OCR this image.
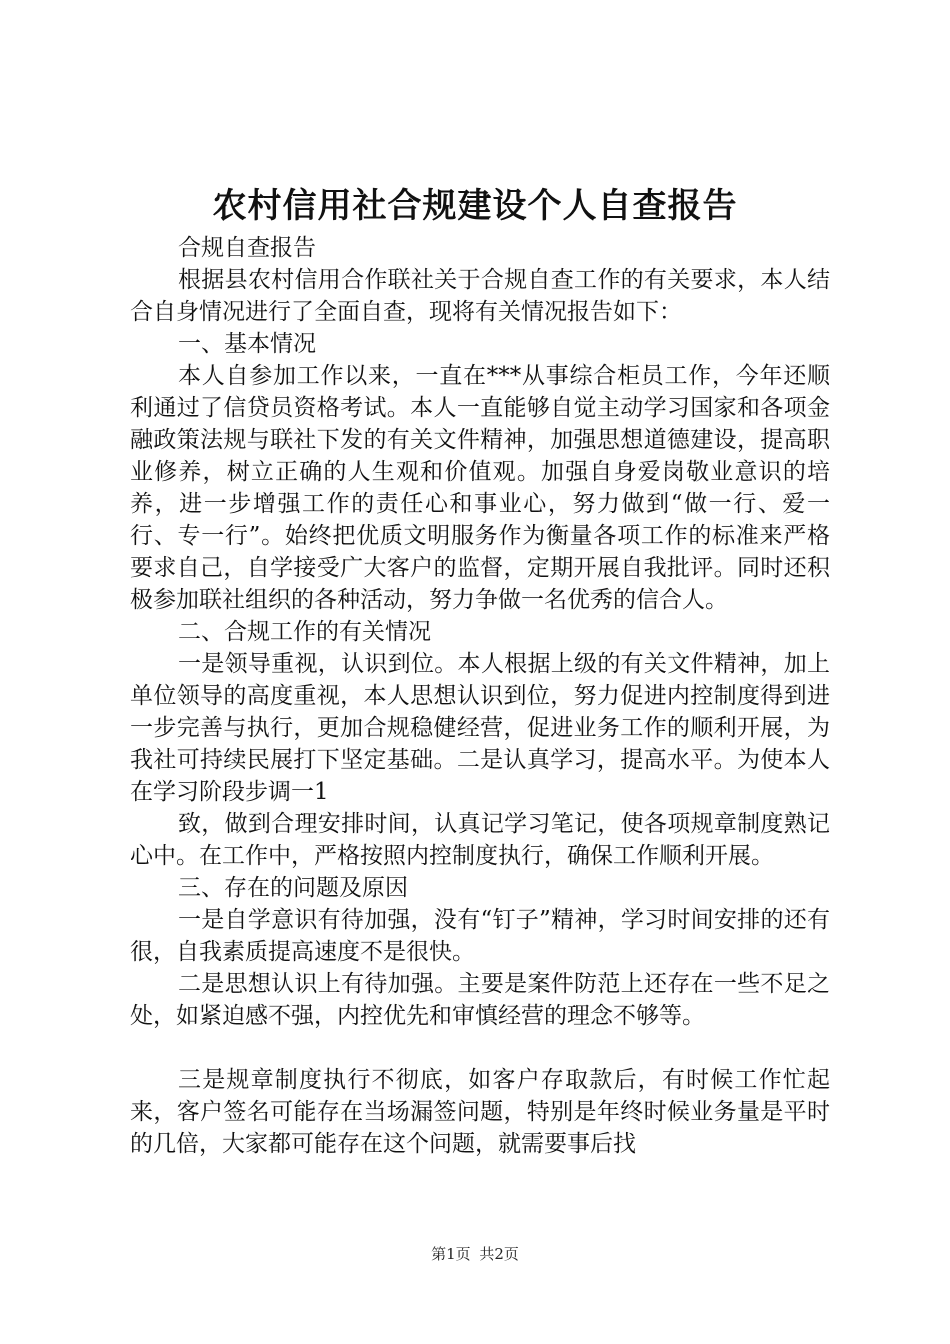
农村信用社合规建设个人自查报告

合规自查报告

根据县农村信用合作联社关于合规自查工作的有关要求，本人结合自身情况进行了全面自查，现将有关情况报告如下：

一、基本情况

本人自参加工作以来，一直在***从事综合柜员工作，今年还顺利通过了信贷员资格考试。本人一直能够自觉主动学习国家和各项金融政策法规与联社下发的有关文件精神，加强思想道德建设，提高职业修养，树立正确的人生观和价值观。加强自身爱岗敬业意识的培养，进一步增强工作的责任心和事业心，努力做到“做一行、爱一行、专一行”。始终把优质文明服务作为衡量各项工作的标准来严格要求自己，自学接受广大客户的监督，定期开展自我批评。同时还积极参加联社组织的各种活动，努力争做一名优秀的信合人。

二、合规工作的有关情况

一是领导重视，认识到位。本人根据上级的有关文件精神，加上单位领导的高度重视，本人思想认识到位，努力促进内控制度得到进一步完善与执行，更加合规稳健经营，促进业务工作的顺利开展，为我社可持续民展打下坚定基础。二是认真学习，提高水平。为使本人在学习阶段步调一1

致，做到合理安排时间，认真记学习笔记，使各项规章制度熟记心中。在工作中，严格按照内控制度执行，确保工作顺利开展。

三、存在的问题及原因

一是自学意识有待加强，没有“钉子”精神，学习时间安排的还有很，自我素质提高速度不是很快。

二是思想认识上有待加强。主要是案件防范上还存在一些不足之处，如紧迫感不强，内控优先和审慎经营的理念不够等。

三是规章制度执行不彻底，如客户存取款后，有时候工作忙起来，客户签名可能存在当场漏签问题，特别是年终时候业务量是平时的几倍，大家都可能存在这个问题，就需要事后找

第1页 共2页
